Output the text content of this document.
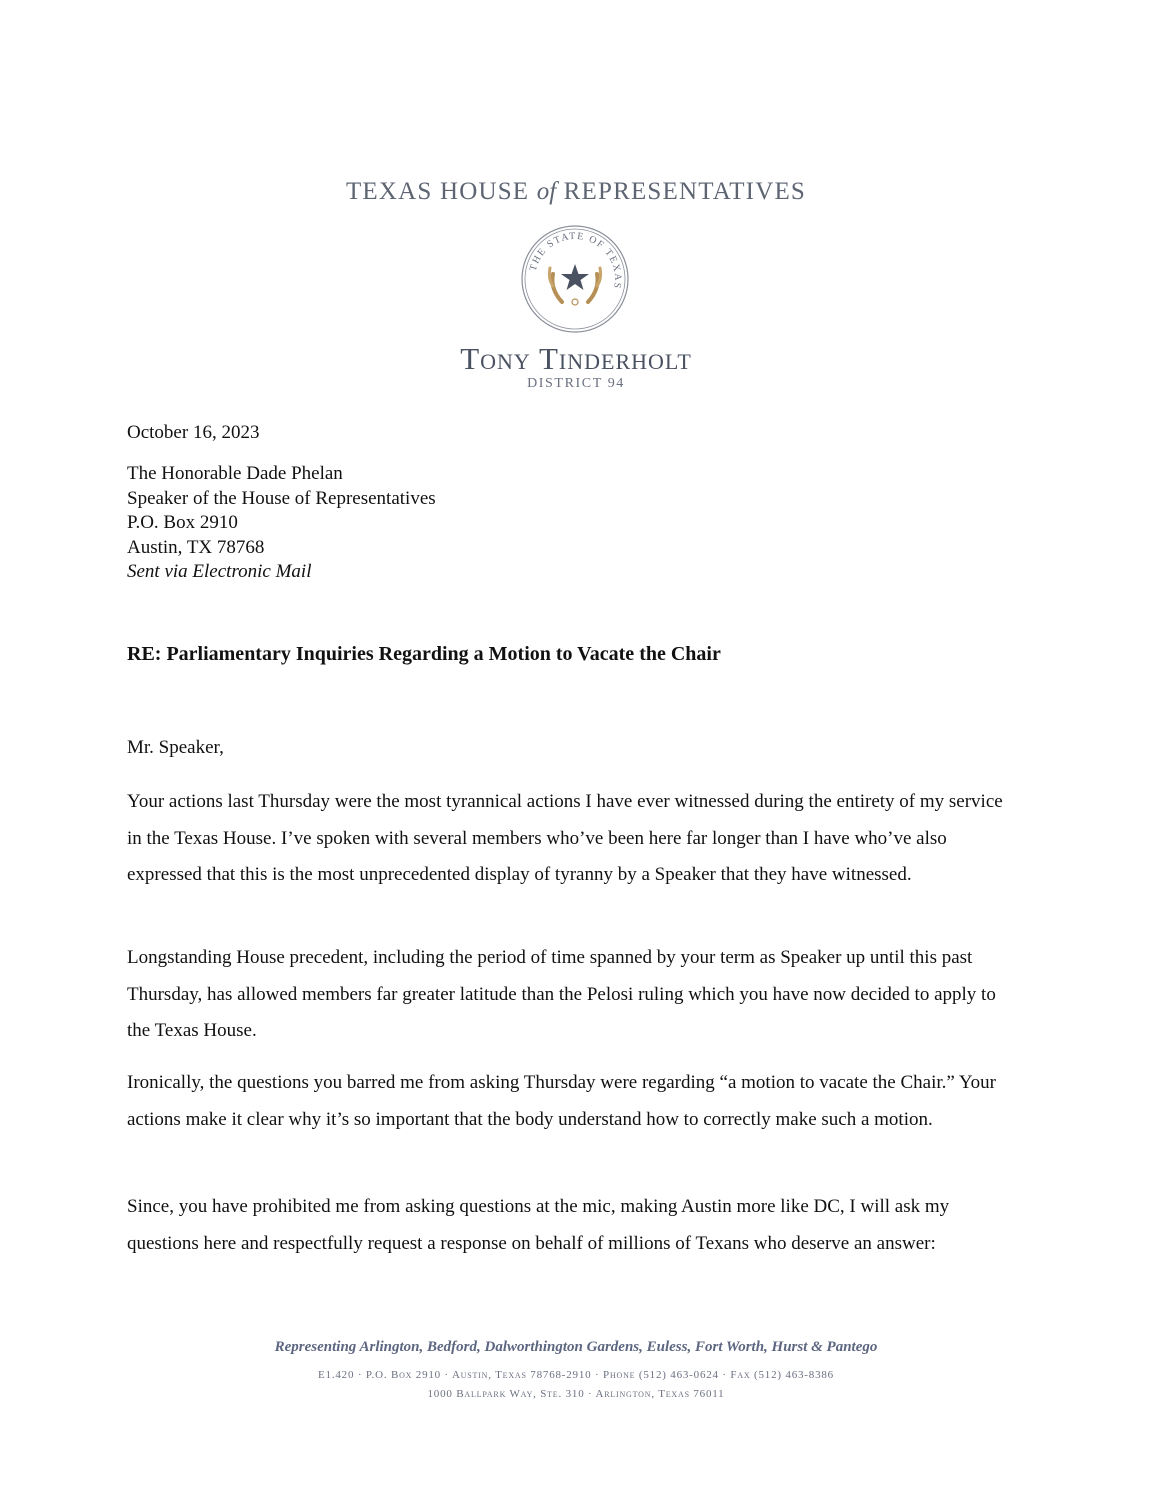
TEXAS HOUSE of REPRESENTATIVES
THE STATE OF TEXAS
Tony Tinderholt
DISTRICT 94
October 16, 2023
The Honorable Dade Phelan
Speaker of the House of Representatives
P.O. Box 2910
Austin, TX 78768
Sent via Electronic Mail
RE: Parliamentary Inquiries Regarding a Motion to Vacate the Chair
Mr. Speaker,
Your actions last Thursday were the most tyrannical actions I have ever witnessed during the entirety of my service in the Texas House. I’ve spoken with several members who’ve been here far longer than I have who’ve also expressed that this is the most unprecedented display of tyranny by a Speaker that they have witnessed.
Longstanding House precedent, including the period of time spanned by your term as Speaker up until this past Thursday, has allowed members far greater latitude than the Pelosi ruling which you have now decided to apply to the Texas House.
Ironically, the questions you barred me from asking Thursday were regarding “a motion to vacate the Chair.” Your actions make it clear why it’s so important that the body understand how to correctly make such a motion.
Since, you have prohibited me from asking questions at the mic, making Austin more like DC, I will ask my questions here and respectfully request a response on behalf of millions of Texans who deserve an answer:
Representing Arlington, Bedford, Dalworthington Gardens, Euless, Fort Worth, Hurst & Pantego
E1.420 · P.O. Box 2910 · Austin, Texas 78768-2910 · Phone (512) 463-0624 · Fax (512) 463-8386
1000 Ballpark Way, Ste. 310 · Arlington, Texas 76011
